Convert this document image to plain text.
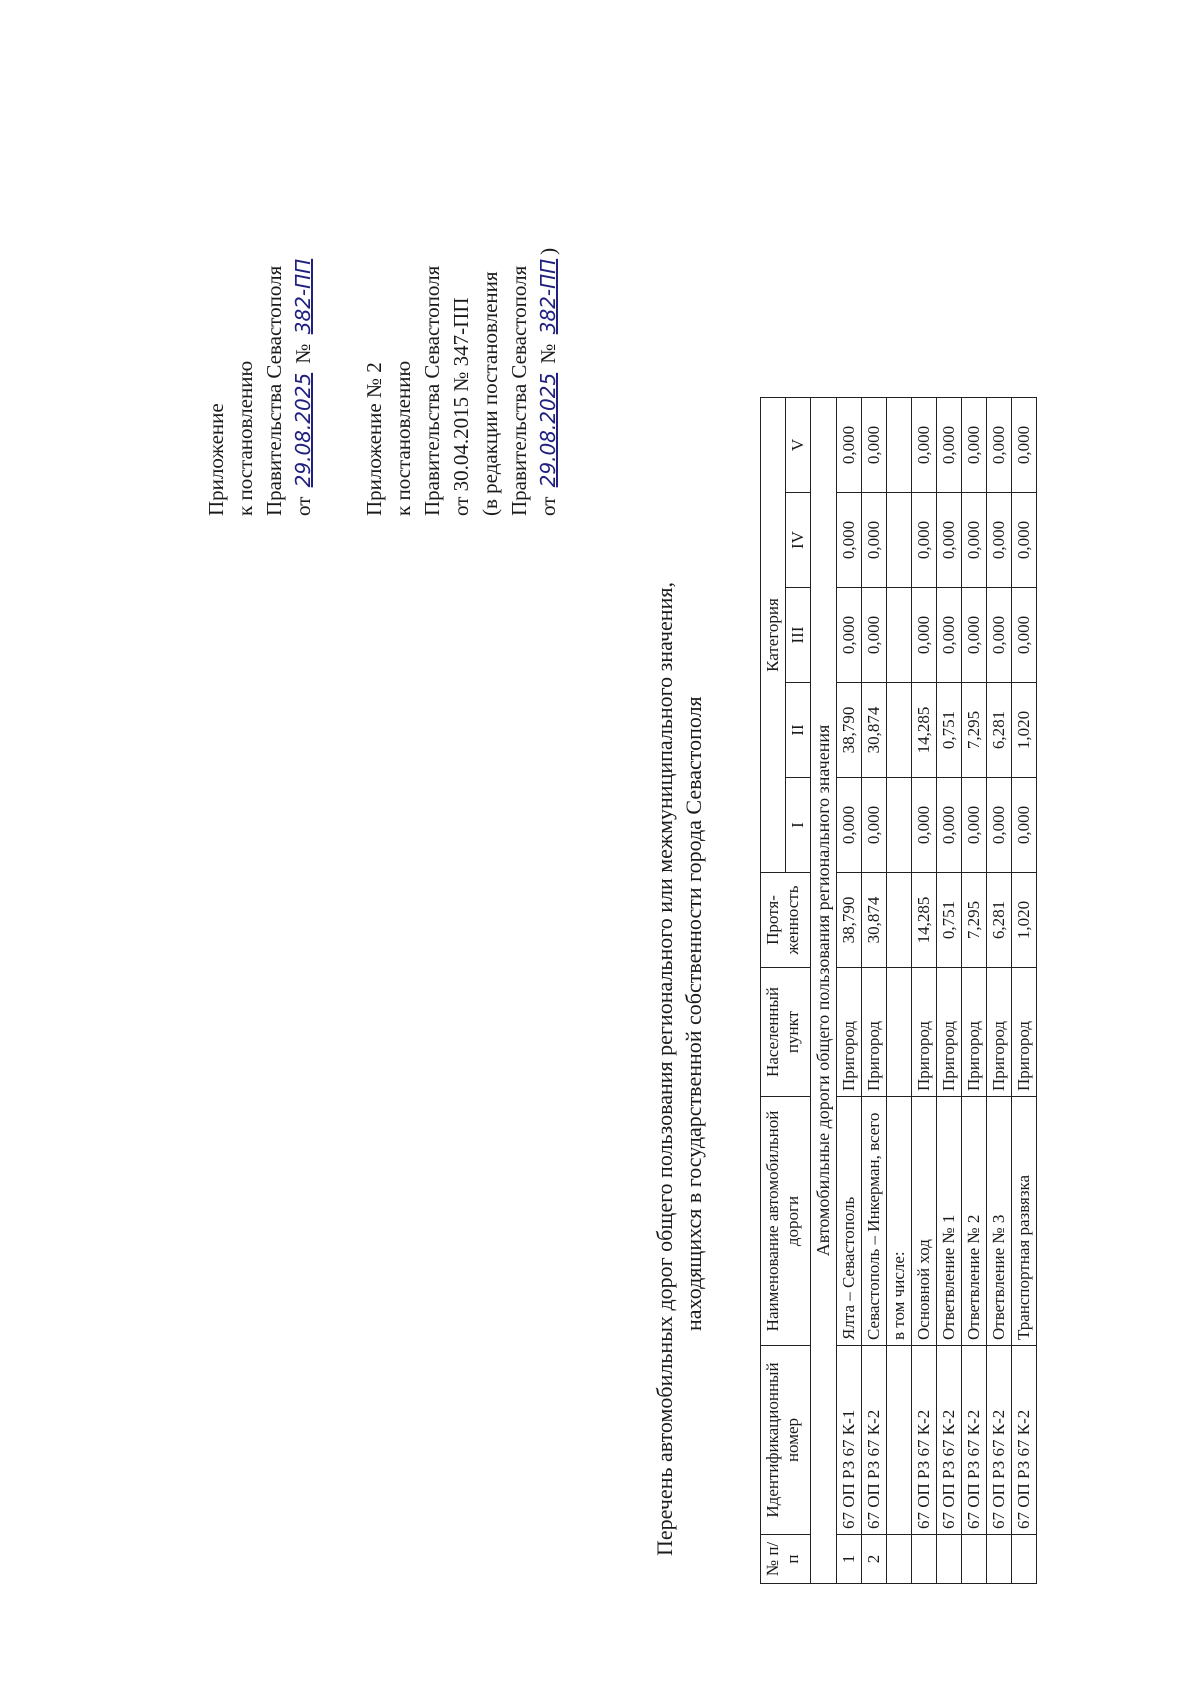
Приложение к постановлению Правительства Севастополя от 29.08.2025 № 382-ПП
Приложение № 2 к постановлению Правительства Севастополя от 30.04.2015 № 347-ПП (в редакции постановления Правительства Севастополя от 29.08.2025 № 382-ПП)
Перечень автомобильных дорог общего пользования регионального или межмуниципального значения, находящихся в государственной собственности города Севастополя
№ п/п	Идентификационный номер	Наименование автомобильной дороги	Населенный пункт	Протя- женность	Категория				
					I	II	III	IV	V
Автомобильные дороги общего пользования регионального значения									
1	67 ОП РЗ 67 К-1	Ялта – Севастополь	Пригород	38,790	0,000	38,790	0,000	0,000	0,000
2	67 ОП РЗ 67 К-2	Севастополь – Инкерман, всего	Пригород	30,874	0,000	30,874	0,000	0,000	0,000
		в том числе:							
	67 ОП РЗ 67 К-2	Основной ход	Пригород	14,285	0,000	14,285	0,000	0,000	0,000
	67 ОП РЗ 67 К-2	Ответвление № 1	Пригород	0,751	0,000	0,751	0,000	0,000	0,000
	67 ОП РЗ 67 К-2	Ответвление № 2	Пригород	7,295	0,000	7,295	0,000	0,000	0,000
	67 ОП РЗ 67 К-2	Ответвление № 3	Пригород	6,281	0,000	6,281	0,000	0,000	0,000
	67 ОП РЗ 67 К-2	Транспортная развязка	Пригород	1,020	0,000	1,020	0,000	0,000	0,000
